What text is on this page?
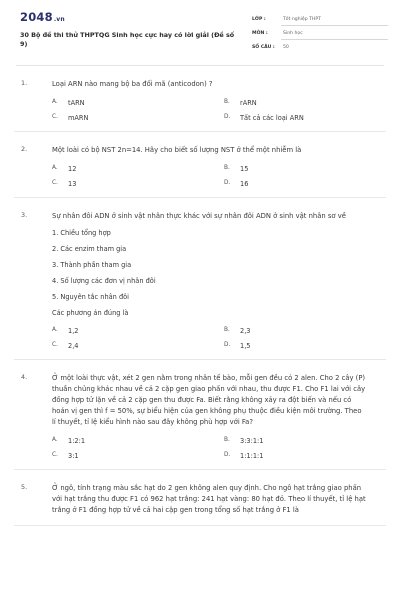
2048.vn
30 Bộ đề thi thử THPTQG Sinh học cực hay có lời giải (Đề số 9)
LỚP :	Tốt nghiệp THPT
MÔN :	Sinh học
SỐ CÂU : 50
1.	Loại ARN nào mang bộ ba đối mã (anticodon) ?
A.	tARN	B.	rARN
C.	mARN	D.	Tất cả các loại ARN
2.	Một loài có bộ NST 2n=14. Hãy cho biết số lượng NST ở thể một nhiễm là
A.	12	B.	15
C.	13	D.	16
3.	Sự nhân đôi ADN ở sinh vật nhân thực khác với sự nhân đôi ADN ở sinh vật nhân sơ về
1. Chiều tổng hợp
2. Các enzim tham gia
3. Thành phần tham gia
4. Số lượng các đơn vị nhân đôi
5. Nguyên tắc nhân đôi
Các phương án đúng là
A.	1,2	B.	2,3
C.	2,4	D.	1,5
4.	Ở một loài thực vật, xét 2 gen nằm trong nhân tế bào, mỗi gen đều có 2 alen. Cho 2 cây (P) thuần chủng khác nhau về cả 2 cặp gen giao phấn với nhau, thu được F1. Cho F1 lai với cây đồng hợp tử lặn về cả 2 cặp gen thu được Fa. Biết rằng không xảy ra đột biến và nếu có hoán vị gen thì f = 50%, sự biểu hiện của gen không phụ thuộc điều kiện môi trường. Theo lí thuyết, tỉ lệ kiểu hình nào sau đây không phù hợp với Fa?
A.	1:2:1	B.	3:3:1:1
C.	3:1	D.	1:1:1:1
5.	Ở ngô, tính trạng màu sắc hạt do 2 gen không alen quy định. Cho ngô hạt trắng giao phấn với hạt trắng thu được F1 có 962 hạt trắng: 241 hạt vàng: 80 hạt đỏ. Theo lí thuyết, tỉ lệ hạt trắng ở F1 đồng hợp tử về cả hai cặp gen trong tổng số hạt trắng ở F1 là
